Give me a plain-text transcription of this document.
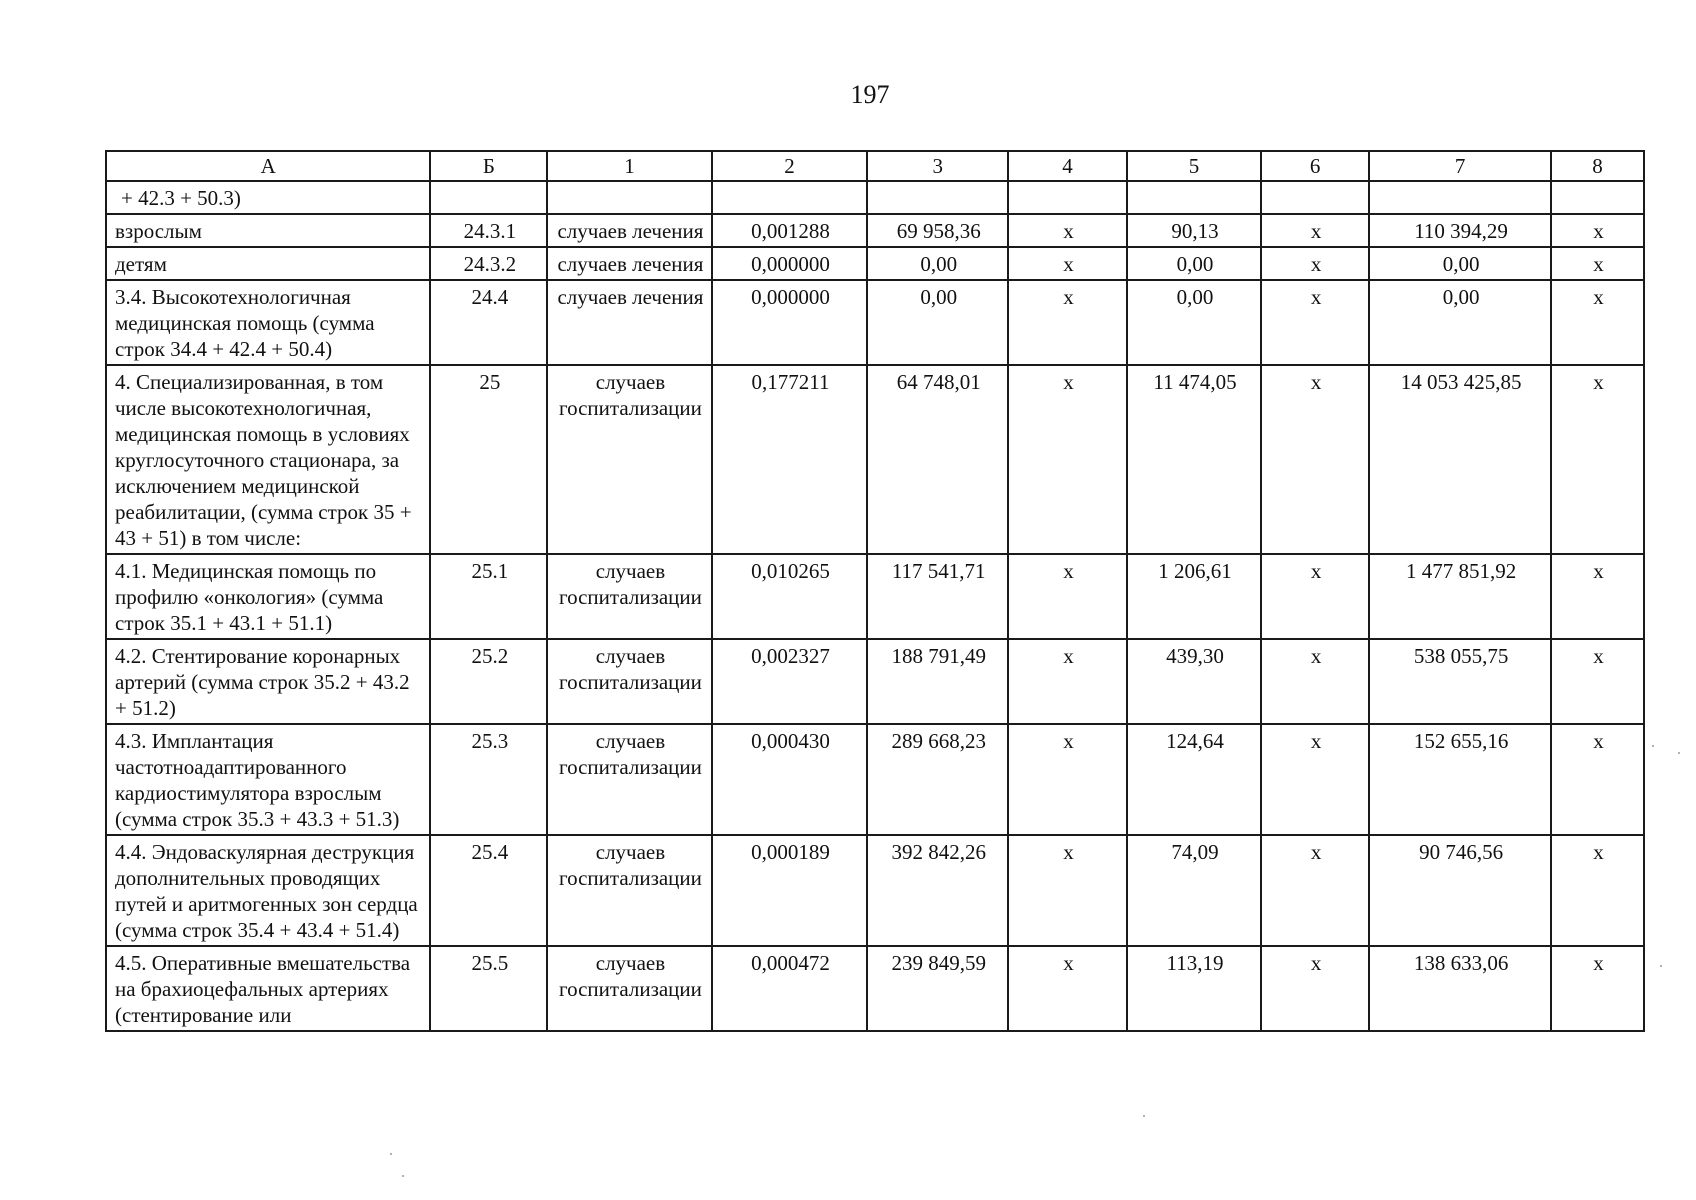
197
А	Б	1	2	3	4	5	6	7	8
+ 42.3 + 50.3)									
взрослым	24.3.1	случаев лечения	0,001288	69 958,36	х	90,13	х	110 394,29	х
детям	24.3.2	случаев лечения	0,000000	0,00	х	0,00	х	0,00	х
3.4. Высокотехнологичная медицинская помощь (сумма строк 34.4 + 42.4 + 50.4)	24.4	случаев лечения	0,000000	0,00	х	0,00	х	0,00	х
4. Специализированная, в том числе высокотехнологичная, медицинская помощь в условиях круглосуточного стационара, за исключением медицинской реабилитации, (сумма строк 35 + 43 + 51) в том числе:	25	случаев госпитализации	0,177211	64 748,01	х	11 474,05	х	14 053 425,85	х
4.1. Медицинская помощь по профилю «онкология» (сумма строк 35.1 + 43.1 + 51.1)	25.1	случаев госпитализации	0,010265	117 541,71	х	1 206,61	х	1 477 851,92	х
4.2. Стентирование коронарных артерий (сумма строк 35.2 + 43.2 + 51.2)	25.2	случаев госпитализации	0,002327	188 791,49	х	439,30	х	538 055,75	х
4.3. Имплантация частотноадаптированного кардиостимулятора взрослым (сумма строк 35.3 + 43.3 + 51.3)	25.3	случаев госпитализации	0,000430	289 668,23	х	124,64	х	152 655,16	х
4.4. Эндоваскулярная деструкция дополнительных проводящих путей и аритмогенных зон сердца (сумма строк 35.4 + 43.4 + 51.4)	25.4	случаев госпитализации	0,000189	392 842,26	х	74,09	х	90 746,56	х
4.5. Оперативные вмешательства на брахиоцефальных артериях (стентирование или	25.5	случаев госпитализации	0,000472	239 849,59	х	113,19	х	138 633,06	х
